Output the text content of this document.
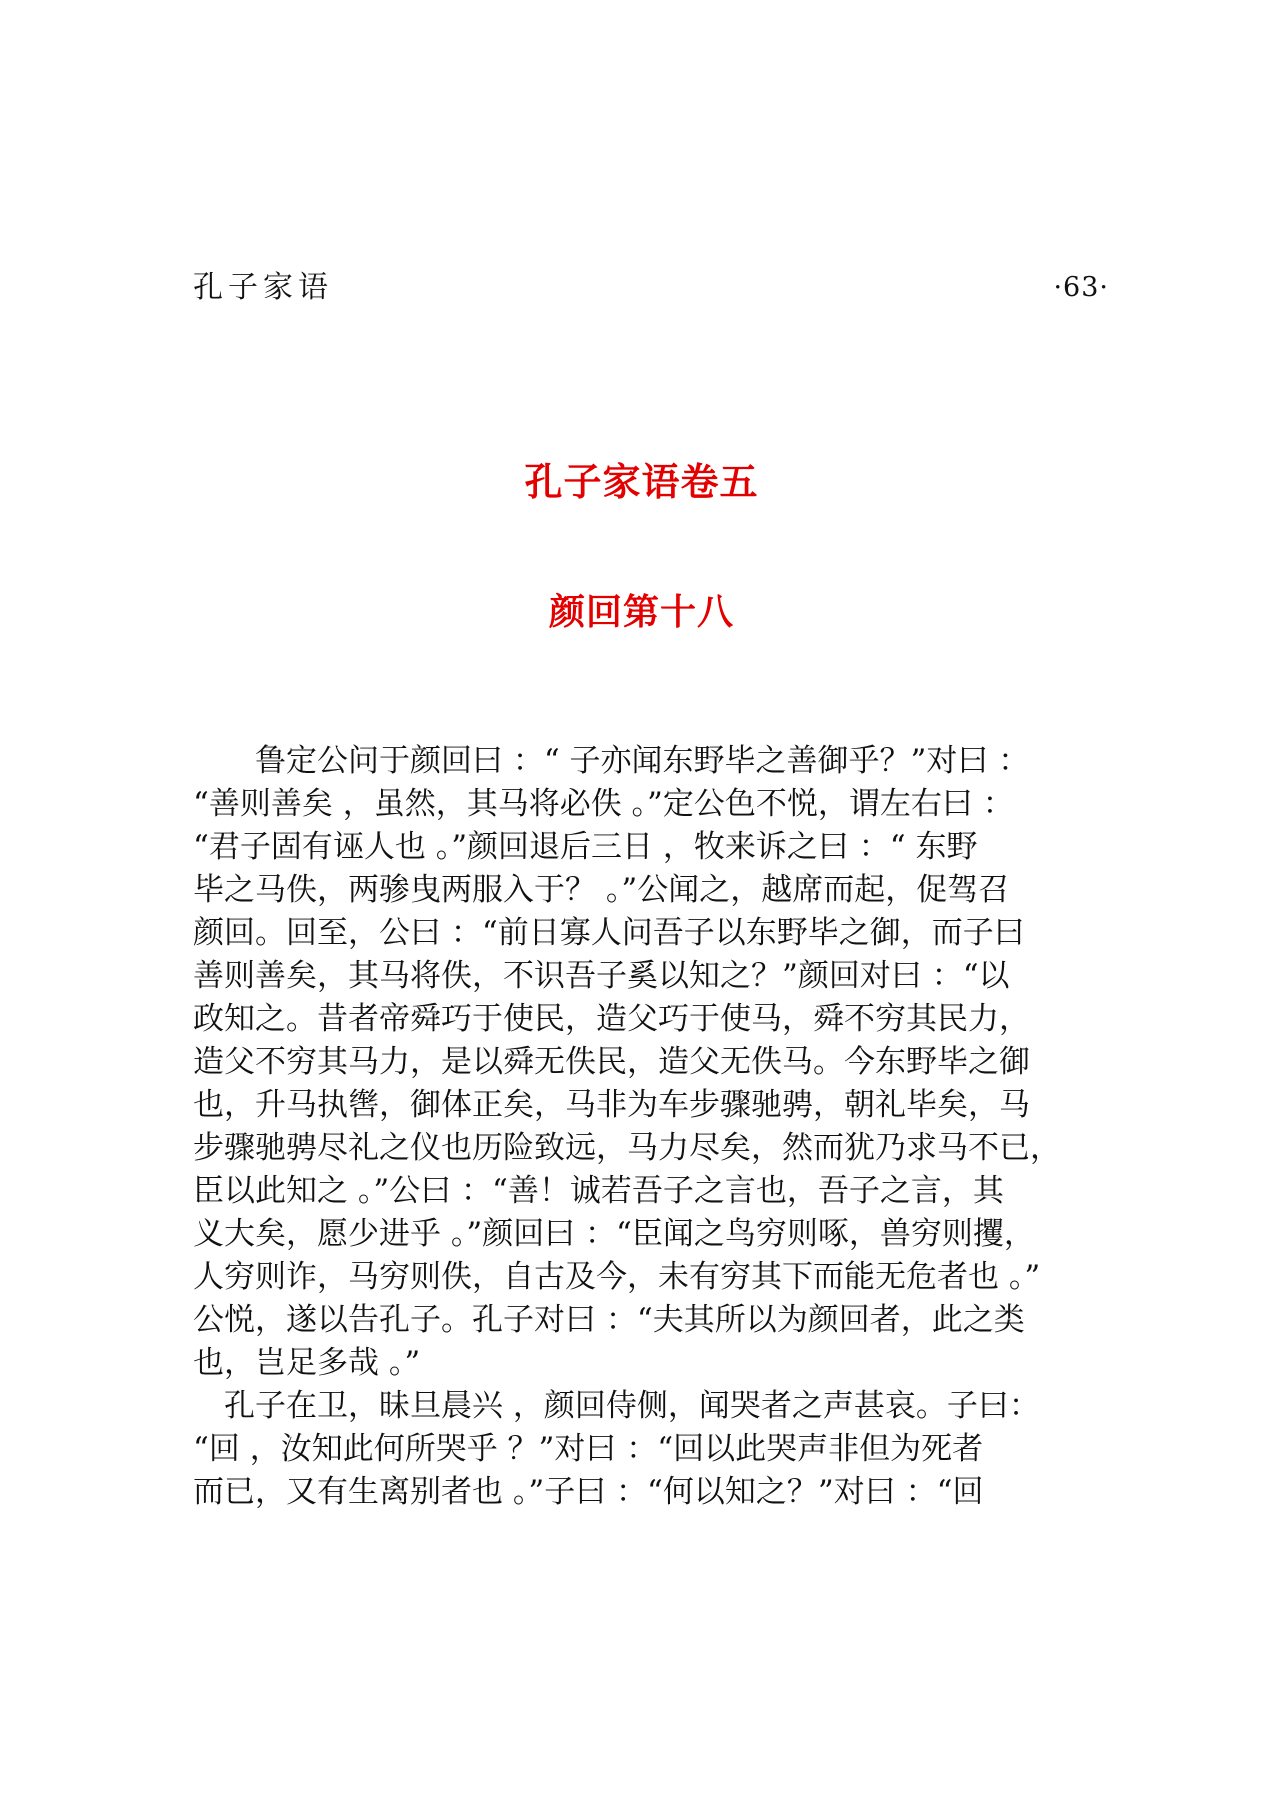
孔子家语	·63·
孔子家语卷五
颜回第十八
　　鲁定公问于颜回曰 ：“ 子亦闻东野毕之善御乎？”对曰 ：
“善则善矣 ，虽然，其马将必佚 。”定公色不悦，谓左右曰 ：
“君子固有诬人也 。”颜回退后三日 ，牧来诉之曰 ：“ 东野
毕之马佚，两骖曳两服入于？ 。”公闻之，越席而起，促驾召
颜回。回至，公曰 ：“前日寡人问吾子以东野毕之御，而子曰
善则善矣，其马将佚，不识吾子奚以知之？”颜回对曰 ：“以
政知之。昔者帝舜巧于使民，造父巧于使马，舜不穷其民力，
造父不穷其马力，是以舜无佚民，造父无佚马。今东野毕之御
也，升马执辔，御体正矣，马非为车步骤驰骋，朝礼毕矣，马
步骤驰骋尽礼之仪也历险致远，马力尽矣，然而犹乃求马不已，
臣以此知之 。”公曰 ：“善！诚若吾子之言也，吾子之言，其
义大矣，愿少进乎 。”颜回曰 ：“臣闻之鸟穷则啄，兽穷则攫，
人穷则诈，马穷则佚，自古及今，未有穷其下而能无危者也 。”
公悦，遂以告孔子。孔子对曰 ：“夫其所以为颜回者，此之类
也，岂足多哉 。”
　孔子在卫，昧旦晨兴 ，颜回侍侧，闻哭者之声甚哀。子曰：
“回 ，汝知此何所哭乎 ？”对曰 ：“回以此哭声非但为死者
而已，又有生离别者也 。”子曰 ：“何以知之？”对曰 ：“回
